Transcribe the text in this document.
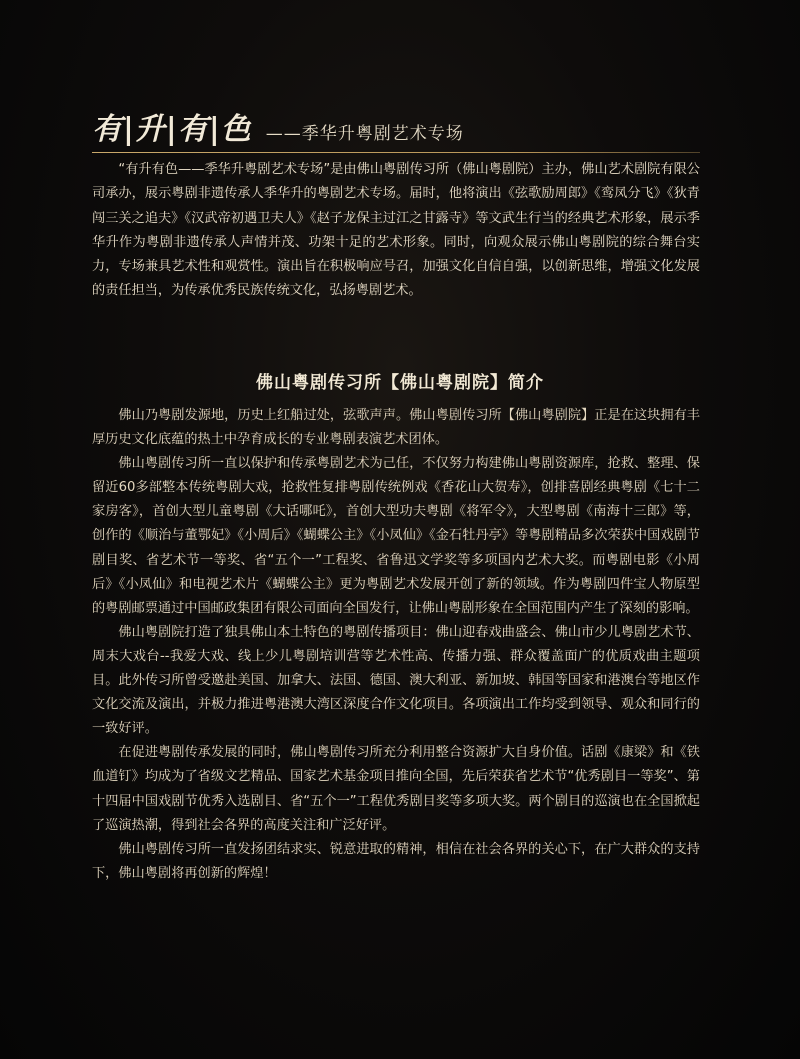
有|升|有|色 ——季华升粤剧艺术专场

“有升有色——季华升粤剧艺术专场”是由佛山粤剧传习所（佛山粤剧院）主办，佛山艺术剧院有限公司承办，展示粤剧非遗传承人季华升的粤剧艺术专场。届时，他将演出《弦歌励周郎》《鸾凤分飞》《狄青闯三关之追夫》《汉武帝初遇卫夫人》《赵子龙保主过江之甘露寺》等文武生行当的经典艺术形象，展示季华升作为粤剧非遗传承人声情并茂、功架十足的艺术形象。同时，向观众展示佛山粤剧院的综合舞台实力，专场兼具艺术性和观赏性。演出旨在积极响应号召，加强文化自信自强，以创新思维，增强文化发展的责任担当，为传承优秀民族传统文化，弘扬粤剧艺术。

佛山粤剧传习所【佛山粤剧院】简介

佛山乃粤剧发源地，历史上红船过处，弦歌声声。佛山粤剧传习所【佛山粤剧院】正是在这块拥有丰厚历史文化底蕴的热土中孕育成长的专业粤剧表演艺术团体。

佛山粤剧传习所一直以保护和传承粤剧艺术为己任，不仅努力构建佛山粤剧资源库，抢救、整理、保留近60多部整本传统粤剧大戏，抢救性复排粤剧传统例戏《香花山大贺寿》，创排喜剧经典粤剧《七十二家房客》，首创大型儿童粤剧《大话哪吒》，首创大型功夫粤剧《将军令》，大型粤剧《南海十三郎》等，创作的《顺治与董鄂妃》《小周后》《蝴蝶公主》《小凤仙》《金石牡丹亭》等粤剧精品多次荣获中国戏剧节剧目奖、省艺术节一等奖、省“五个一”工程奖、省鲁迅文学奖等多项国内艺术大奖。而粤剧电影《小周后》《小凤仙》和电视艺术片《蝴蝶公主》更为粤剧艺术发展开创了新的领域。作为粤剧四件宝人物原型的粤剧邮票通过中国邮政集团有限公司面向全国发行，让佛山粤剧形象在全国范围内产生了深刻的影响。

佛山粤剧院打造了独具佛山本土特色的粤剧传播项目：佛山迎春戏曲盛会、佛山市少儿粤剧艺术节、周末大戏台--我爱大戏、线上少儿粤剧培训营等艺术性高、传播力强、群众覆盖面广的优质戏曲主题项目。此外传习所曾受邀赴美国、加拿大、法国、德国、澳大利亚、新加坡、韩国等国家和港澳台等地区作文化交流及演出，并极力推进粤港澳大湾区深度合作文化项目。各项演出工作均受到领导、观众和同行的一致好评。

在促进粤剧传承发展的同时，佛山粤剧传习所充分利用整合资源扩大自身价值。话剧《康梁》和《铁血道钉》均成为了省级文艺精品、国家艺术基金项目推向全国，先后荣获省艺术节“优秀剧目一等奖”、第十四届中国戏剧节优秀入选剧目、省“五个一”工程优秀剧目奖等多项大奖。两个剧目的巡演也在全国掀起了巡演热潮，得到社会各界的高度关注和广泛好评。

佛山粤剧传习所一直发扬团结求实、锐意进取的精神，相信在社会各界的关心下，在广大群众的支持下，佛山粤剧将再创新的辉煌！
